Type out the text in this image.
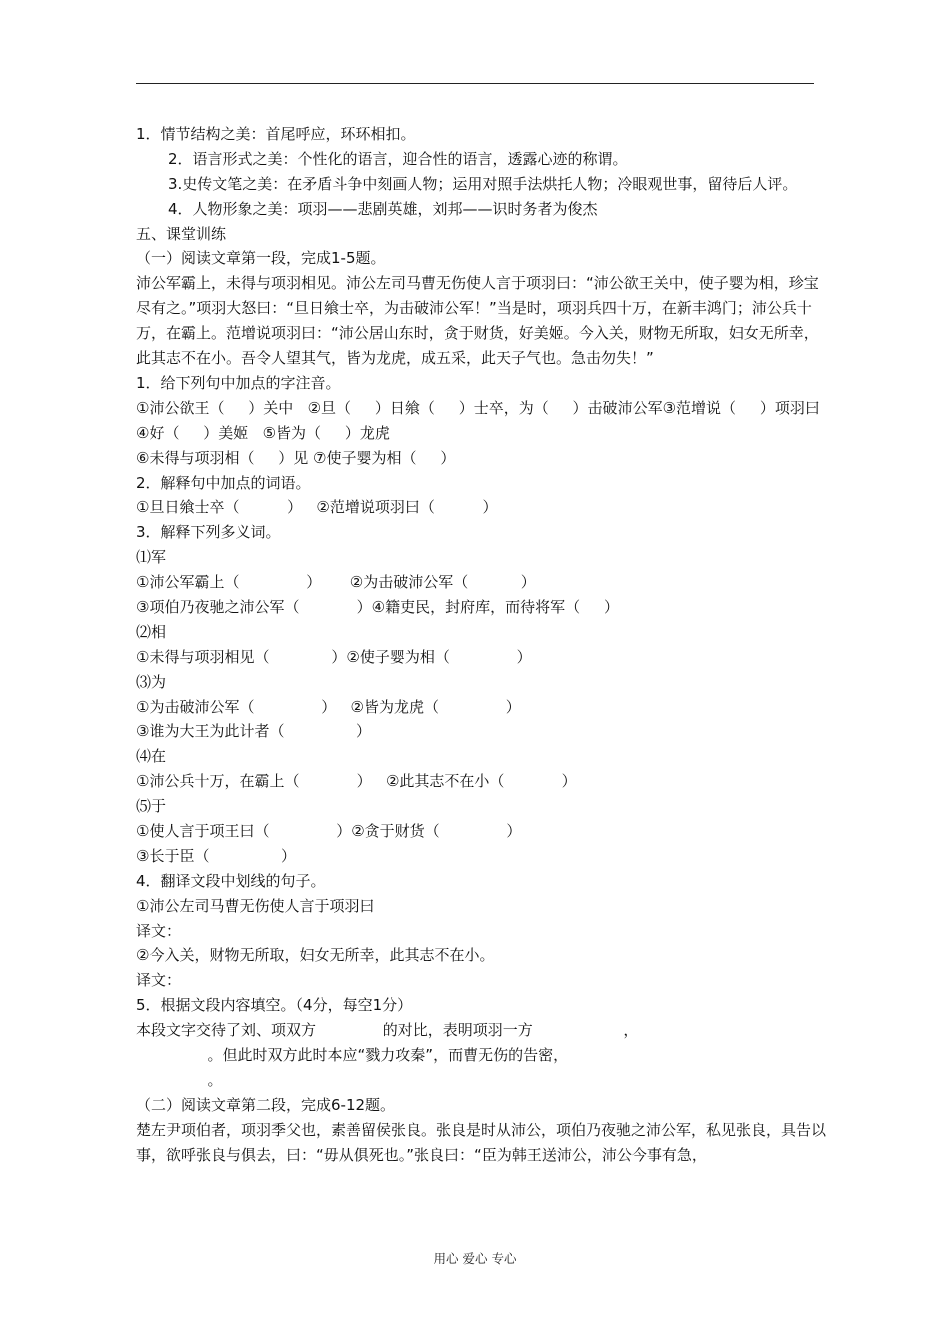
1．情节结构之美：首尾呼应，环环相扣。
2．语言形式之美：个性化的语言，迎合性的语言，透露心迹的称谓。
3.史传文笔之美：在矛盾斗争中刻画人物；运用对照手法烘托人物；冷眼观世事，留待后人评。
4．人物形象之美：项羽——悲剧英雄，刘邦——识时务者为俊杰
五、课堂训练
（一）阅读文章第一段，完成1-5题。
沛公军霸上，未得与项羽相见。沛公左司马曹无伤使人言于项羽曰：“沛公欲王关中，使子婴为相，珍宝尽有之。”项羽大怒曰：“旦日飨士卒，为击破沛公军！”当是时，项羽兵四十万，在新丰鸿门；沛公兵十万，在霸上。范增说项羽曰：“沛公居山东时，贪于财货，好美姬。今入关，财物无所取，妇女无所幸，此其志不在小。吾令人望其气，皆为龙虎，成五采，此天子气也。急击勿失！”
1．给下列句中加点的字注音。
①沛公欲王（     ）关中   ②旦（     ）日飨（     ）士卒，为（     ）击破沛公军③范增说（     ）项羽曰
④好（     ）美姬   ⑤皆为（     ）龙虎
⑥未得与项羽相（     ）见 ⑦使子婴为相（     ）
2．解释句中加点的词语。
①旦日飨士卒（          ）   ②范增说项羽曰（          ）
3．解释下列多义词。
⑴军
①沛公军霸上（              ）      ②为击破沛公军（           ）
③项伯乃夜驰之沛公军（            ）④籍吏民，封府库，而待将军（     ）
⑵相
①未得与项羽相见（             ）②使子婴为相（              ）
⑶为
①为击破沛公军（              ）   ②皆为龙虎（              ）
③谁为大王为此计者（               ）
⑷在
①沛公兵十万，在霸上（            ）   ②此其志不在小（            ）
⑸于
①使人言于项王曰（              ）②贪于财货（              ）
③长于臣（               ）
4．翻译文段中划线的句子。
①沛公左司马曹无伤使人言于项羽曰
译文：
②今入关，财物无所取，妇女无所幸，此其志不在小。
译文：
5．根据文段内容填空。（4分，每空1分）
本段文字交待了刘、项双方              的对比，表明项羽一方                   ，
。但此时双方此时本应“戮力攻秦”，而曹无伤的告密，
。
（二）阅读文章第二段，完成6-12题。
楚左尹项伯者，项羽季父也，素善留侯张良。张良是时从沛公，项伯乃夜驰之沛公军，私见张良，具告以事，欲呼张良与俱去，曰：“毋从俱死也。”张良曰：“臣为韩王送沛公，沛公今事有急，
用心 爱心 专心
